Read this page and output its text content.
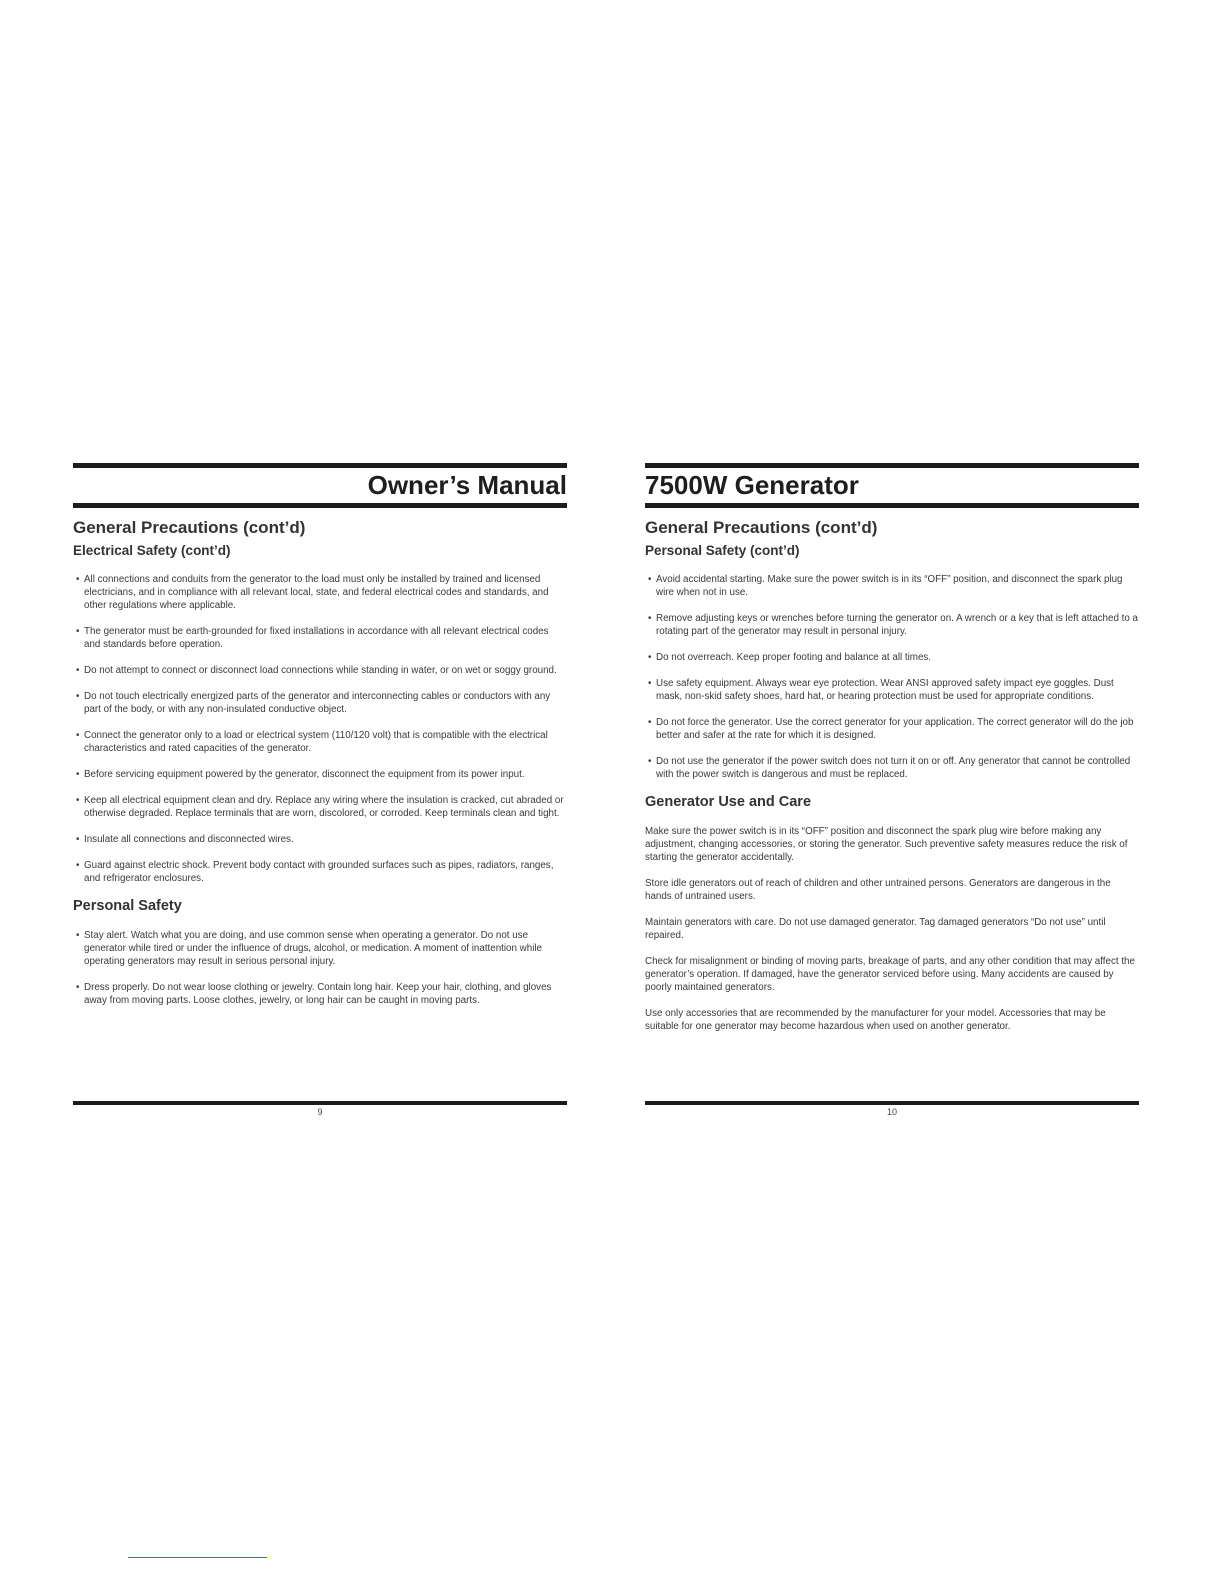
Owner’s Manual
General Precautions (cont’d)
Electrical Safety (cont’d)
• All connections and conduits from the generator to the load must only be installed by trained and licensed electricians, and in compliance with all relevant local, state, and federal electrical codes and standards, and other regulations where applicable.
• The generator must be earth-grounded for fixed installations in accordance with all relevant electrical codes and standards before operation.
• Do not attempt to connect or disconnect load connections while standing in water, or on wet or soggy ground.
• Do not touch electrically energized parts of the generator and interconnecting cables or conductors with any part of the body, or with any non-insulated conductive object.
• Connect the generator only to a load or electrical system (110/120 volt) that is compatible with the electrical characteristics and rated capacities of the generator.
• Before servicing equipment powered by the generator, disconnect the equipment from its power input.
• Keep all electrical equipment clean and dry. Replace any wiring where the insulation is cracked, cut abraded or otherwise degraded. Replace terminals that are worn, discolored, or corroded. Keep terminals clean and tight.
• Insulate all connections and disconnected wires.
• Guard against electric shock. Prevent body contact with grounded surfaces such as pipes, radiators, ranges, and refrigerator enclosures.
Personal Safety
• Stay alert. Watch what you are doing, and use common sense when operating a generator. Do not use generator while tired or under the influence of drugs, alcohol, or medication. A moment of inattention while operating generators may result in serious personal injury.
• Dress properly. Do not wear loose clothing or jewelry. Contain long hair. Keep your hair, clothing, and gloves away from moving parts. Loose clothes, jewelry, or long hair can be caught in moving parts.
9
7500W Generator
General Precautions (cont’d)
Personal Safety (cont’d)
• Avoid accidental starting. Make sure the power switch is in its “OFF” position, and disconnect the spark plug wire when not in use.
• Remove adjusting keys or wrenches before turning the generator on. A wrench or a key that is left attached to a rotating part of the generator may result in personal injury.
• Do not overreach. Keep proper footing and balance at all times.
• Use safety equipment. Always wear eye protection. Wear ANSI approved safety impact eye goggles. Dust mask, non-skid safety shoes, hard hat, or hearing protection must be used for appropriate conditions.
• Do not force the generator. Use the correct generator for your application. The correct generator will do the job better and safer at the rate for which it is designed.
• Do not use the generator if the power switch does not turn it on or off. Any generator that cannot be controlled with the power switch is dangerous and must be replaced.
Generator Use and Care

Make sure the power switch is in its “OFF” position and disconnect the spark plug wire before making any adjustment, changing accessories, or storing the generator. Such preventive safety measures reduce the risk of starting the generator accidentally.

Store idle generators out of reach of children and other untrained persons. Generators are dangerous in the hands of untrained users.

Maintain generators with care. Do not use damaged generator. Tag damaged generators “Do not use” until repaired.

Check for misalignment or binding of moving parts, breakage of parts, and any other condition that may affect the generator’s operation. If damaged, have the generator serviced before using. Many accidents are caused by poorly maintained generators.

Use only accessories that are recommended by the manufacturer for your model. Accessories that may be suitable for one generator may become hazardous when used on another generator.

10
